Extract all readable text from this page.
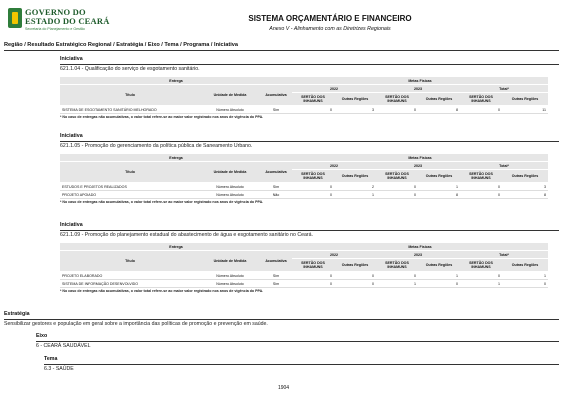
GOVERNO DO
ESTADO DO CEARÁ
Secretaria do Planejamento e Gestão
SISTEMA ORÇAMENTÁRIO E FINANCEIRO
Anexo V - Alinhamento com as Diretrizes Regionais
Região / Resultado Estratégico Regional / Estratégia / Eixo / Tema / Programa / Iniciativa
Iniciativa
621.1.04 - Qualificação do serviço de esgotamento sanitário.
Entrega			Metas Físicas					
Título	Unidade de Medida	Acumulativa	2022		2023		Total*	
			SERTÃO DOS INHAMUNS	Outras Regiões	SERTÃO DOS INHAMUNS	Outras Regiões	SERTÃO DOS INHAMUNS	Outras Regiões
SISTEMA DE ESGOTAMENTO SANITÁRIO MELHORADO	Número Absoluto	Sim	0	3	0	8	0	11
* No caso de entregas não acumulativas, o valor total refere-se ao maior valor registrado nos anos de vigência do PPA.
Iniciativa
621.1.05 - Promoção do gerenciamento da política pública de Saneamento Urbano.
Entrega			Metas Físicas					
Título	Unidade de Medida	Acumulativa	2022		2023		Total*	
			SERTÃO DOS INHAMUNS	Outras Regiões	SERTÃO DOS INHAMUNS	Outras Regiões	SERTÃO DOS INHAMUNS	Outras Regiões
ESTUDOS E PROJETOS REALIZADOS	Número Absoluto	Sim	0	2	0	1	0	3
PROJETO APOIADO	Número Absoluto	Não	0	1	0	8	0	8
* No caso de entregas não acumulativas, o valor total refere-se ao maior valor registrado nos anos de vigência do PPA.
Iniciativa
621.1.09 - Promoção do planejamento estadual do abastecimento de água e esgotamento sanitário no Ceará.
Entrega			Metas Físicas					
Título	Unidade de Medida	Acumulativa	2022		2023		Total*	
			SERTÃO DOS INHAMUNS	Outras Regiões	SERTÃO DOS INHAMUNS	Outras Regiões	SERTÃO DOS INHAMUNS	Outras Regiões
PROJETO ELABORADO	Número Absoluto	Sim	0	0	0	1	0	1
SISTEMA DE INFORMAÇÃO DESENVOLVIDO	Número Absoluto	Sim	0	0	1	0	1	0
* No caso de entregas não acumulativas, o valor total refere-se ao maior valor registrado nos anos de vigência do PPA.
Estratégia
Sensibilizar gestores e população em geral sobre a importância das políticas de promoção e prevenção em saúde.
Eixo
6 - CEARÁ SAUDÁVEL
Tema
6.3 - SAÚDE
1904
